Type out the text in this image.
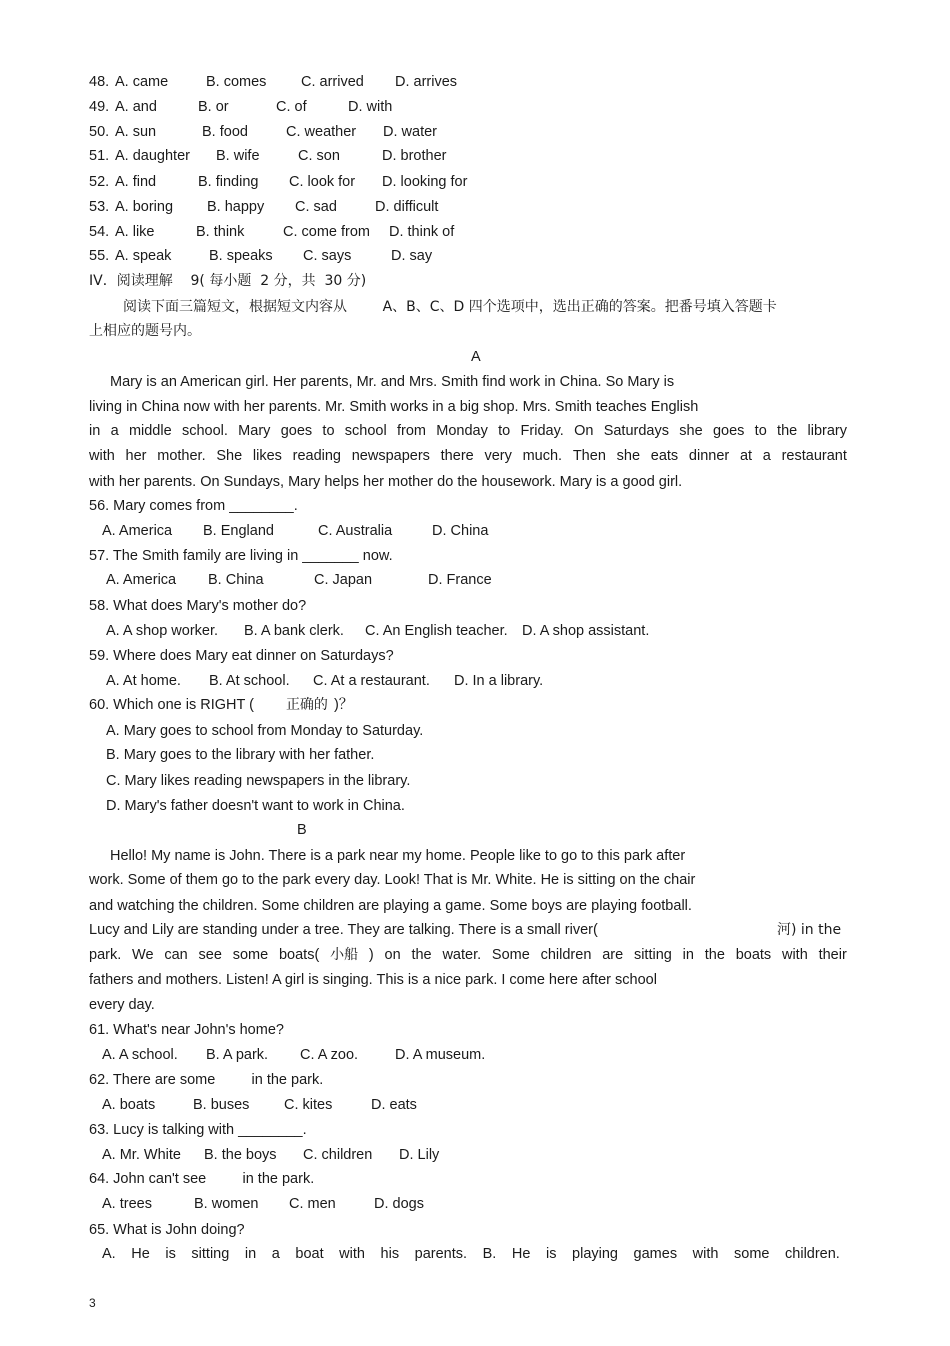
48. A. came	B. comes C. arrived D. arrives
49. A. and	B. or	C. of	D. with
50. A. sun	B. food	C. weather D. water
51. A. daughter B. wife	C. son	D. brother
52. A. find	B. finding C. look for D. looking for
53. A. boring B. happy C. sad	D. difficult
54. A. like	B. think	C. come from D. think of
55. A. speak	B. speaks C. says	D. say
IV．阅读理解    9( 每小题  2 分，共  30 分)
阅读下面三篇短文，根据短文内容从        A、B、C、D 四个选项中，选出正确的答案。把番号填入答题卡
上相应的题号内。
A
Mary is an American girl. Her parents, Mr. and Mrs. Smith find work in China. So Mary is
living in China now with her parents. Mr. Smith works in a big shop. Mrs. Smith teaches English
in a middle school. Mary goes to school from Monday to Friday. On Saturdays she goes to the library
with her mother. She likes reading newspapers there very much. Then she eats dinner at a restaurant
with her parents. On Sundays, Mary helps her mother do the housework. Mary is a good girl.
56. Mary comes from ________.
A. America B. England	C. Australia	D. China
57. The Smith family are living in _______ now.
A. America B. China	C. Japan	D. France
58. What does Mary's mother do?
A. A shop worker. B. A bank clerk. C. An English teacher. D. A shop assistant.
59. Where does Mary eat dinner on Saturdays?
A. At home. B. At school. C. At a restaurant. D. In a library.
60. Which one is RIGHT ( 正确的 )？
A. Mary goes to school from Monday to Saturday.
B. Mary goes to the library with her father.
C. Mary likes reading newspapers in the library.
D. Mary's father doesn't want to work in China.
B
Hello! My name is John. There is a park near my home. People like to go to this park after
work. Some of them go to the park every day. Look! That is Mr. White. He is sitting on the chair
and watching the children. Some children are playing a game. Some boys are playing football.
Lucy and Lily are standing under a tree. They are talking. There is a small river(	河) in the
park. We can see some boats( 小船 ) on the water. Some children are sitting in the boats with their
fathers and mothers. Listen! A girl is singing. This is a nice park. I come here after school
every day.
61. What's near John's home?
A. A school. B. A park. C. A zoo.	D. A museum.
62. There are some         in the park.
A. boats	B. buses C. kites	D. eats
63. Lucy is talking with ________.
A. Mr. White B. the boys C. children D. Lily
64. John can't see         in the park.
A. trees	B. women C. men	D. dogs
65. What is John doing?
A. He is sitting in a boat with his parents. B. He is playing games with some children.
3
